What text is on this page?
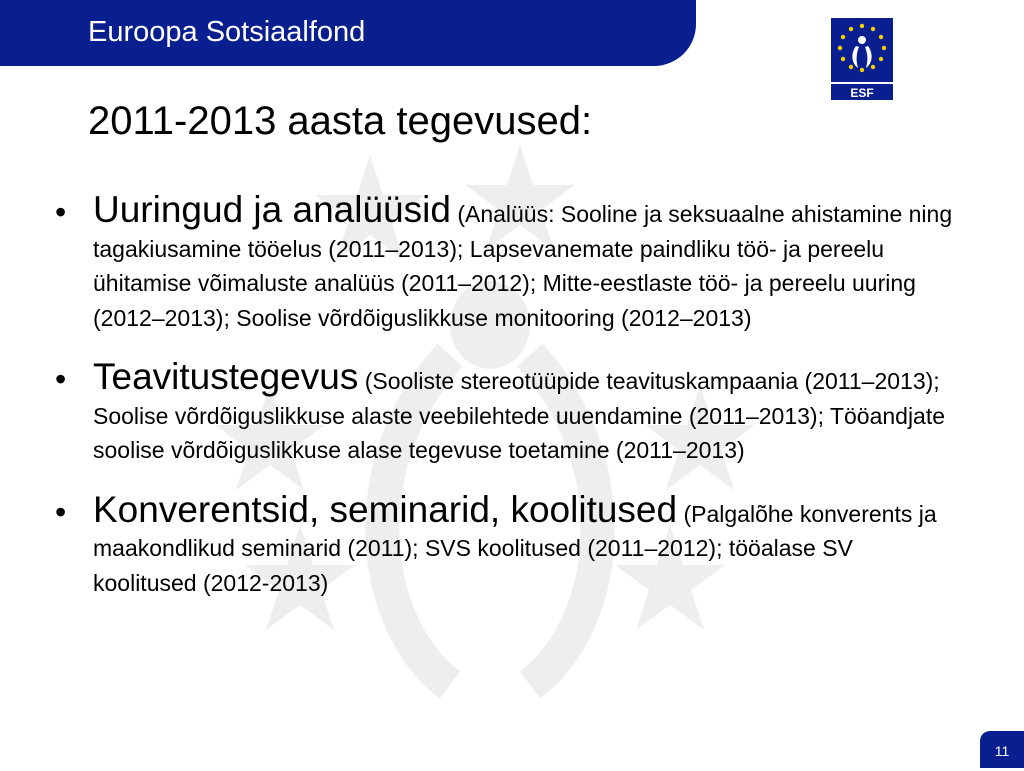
Euroopa Sotsiaalfond
ESF
2011-2013 aasta tegevused:
• Uuringud ja analüüsid (Analüüs: Sooline ja seksuaalne ahistamine ning tagakiusamine tööelus (2011–2013); Lapsevanemate paindliku töö- ja pereelu ühitamise võimaluste analüüs (2011–2012); Mitte-eestlaste töö- ja pereelu uuring (2012–2013); Soolise võrdõiguslikkuse monitooring (2012–2013)
• Teavitustegevus (Sooliste stereotüüpide teavituskampaania (2011–2013); Soolise võrdõiguslikkuse alaste veebilehtede uuendamine (2011–2013); Tööandjate soolise võrdõiguslikkuse alase tegevuse toetamine (2011–2013)
• Konverentsid, seminarid, koolitused (Palgalõhe konverents ja maakondlikud seminarid (2011); SVS koolitused (2011–2012); tööalase SV koolitused (2012-2013)
11
